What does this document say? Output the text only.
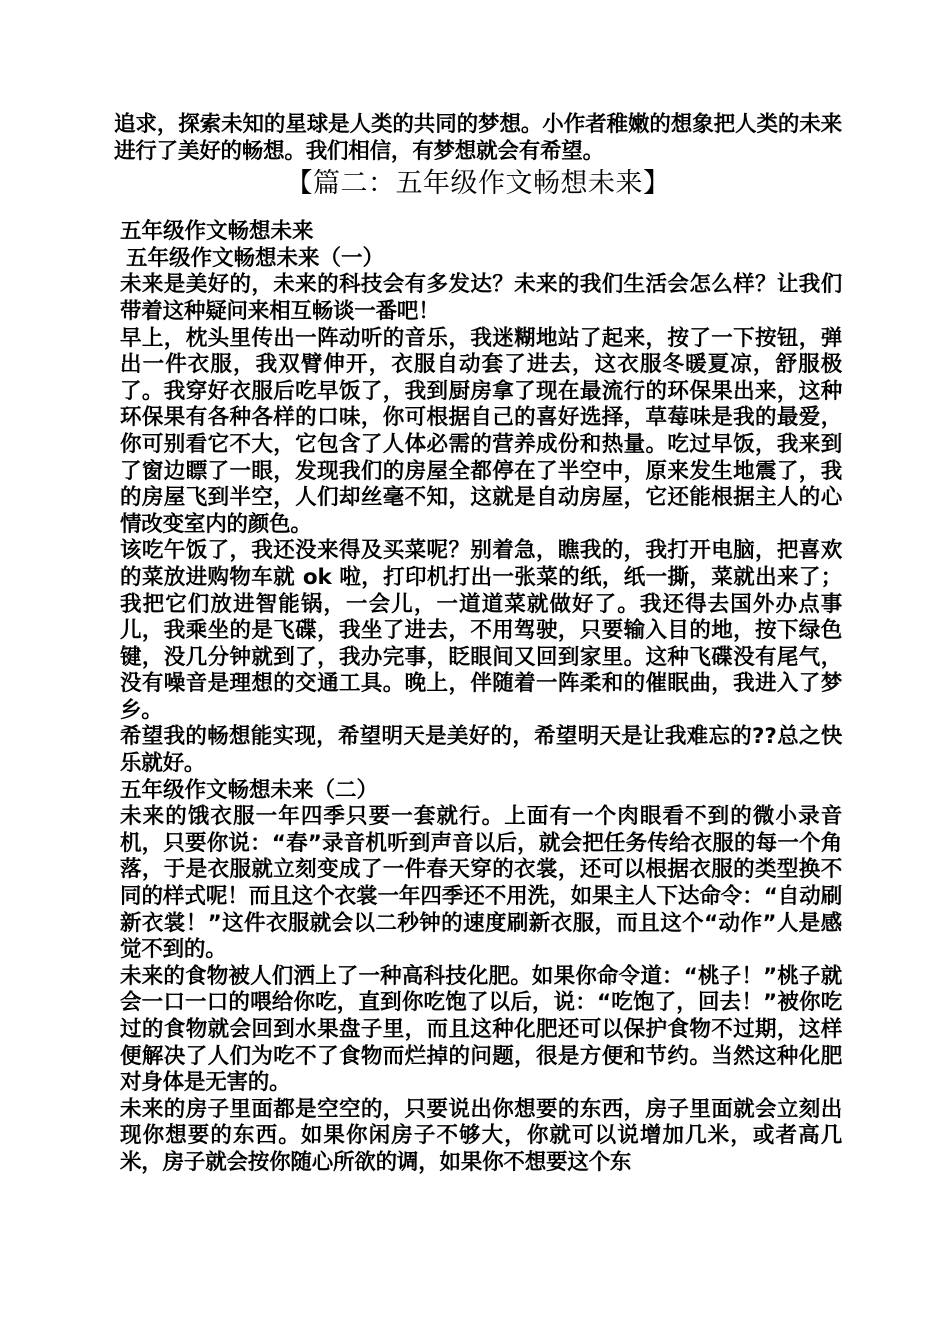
追求，探索未知的星球是人类的共同的梦想。小作者稚嫩的想象把人类的未来进行了美好的畅想。我们相信，有梦想就会有希望。

【篇二：五年级作文畅想未来】

五年级作文畅想未来

五年级作文畅想未来（一）

未来是美好的，未来的科技会有多发达？未来的我们生活会怎么样？让我们带着这种疑问来相互畅谈一番吧！

早上，枕头里传出一阵动听的音乐，我迷糊地站了起来，按了一下按钮，弹出一件衣服，我双臂伸开，衣服自动套了进去，这衣服冬暖夏凉，舒服极了。我穿好衣服后吃早饭了，我到厨房拿了现在最流行的环保果出来，这种环保果有各种各样的口味，你可根据自己的喜好选择，草莓味是我的最爱，你可别看它不大，它包含了人体必需的营养成份和热量。吃过早饭，我来到了窗边瞟了一眼，发现我们的房屋全都停在了半空中，原来发生地震了，我的房屋飞到半空，人们却丝毫不知，这就是自动房屋，它还能根据主人的心情改变室内的颜色。

该吃午饭了，我还没来得及买菜呢？别着急，瞧我的，我打开电脑，把喜欢的菜放进购物车就 ok 啦，打印机打出一张菜的纸，纸一撕，菜就出来了；我把它们放进智能锅，一会儿，一道道菜就做好了。我还得去国外办点事儿，我乘坐的是飞碟，我坐了进去，不用驾驶，只要输入目的地，按下绿色键，没几分钟就到了，我办完事，眨眼间又回到家里。这种飞碟没有尾气，没有噪音是理想的交通工具。晚上，伴随着一阵柔和的催眠曲，我进入了梦乡。

希望我的畅想能实现，希望明天是美好的，希望明天是让我难忘的??总之快乐就好。

五年级作文畅想未来（二）

未来的饿衣服一年四季只要一套就行。上面有一个肉眼看不到的微小录音机，只要你说：“春”录音机听到声音以后，就会把任务传给衣服的每一个角落，于是衣服就立刻变成了一件春天穿的衣裳，还可以根据衣服的类型换不同的样式呢！而且这个衣裳一年四季还不用洗，如果主人下达命令：“自动刷新衣裳！”这件衣服就会以二秒钟的速度刷新衣服，而且这个“动作”人是感觉不到的。

未来的食物被人们洒上了一种高科技化肥。如果你命令道：“桃子！”桃子就会一口一口的喂给你吃，直到你吃饱了以后，说：“吃饱了，回去！”被你吃过的食物就会回到水果盘子里，而且这种化肥还可以保护食物不过期，这样便解决了人们为吃不了食物而烂掉的问题，很是方便和节约。当然这种化肥对身体是无害的。

未来的房子里面都是空空的，只要说出你想要的东西，房子里面就会立刻出现你想要的东西。如果你闲房子不够大，你就可以说增加几米，或者高几米，房子就会按你随心所欲的调，如果你不想要这个东
